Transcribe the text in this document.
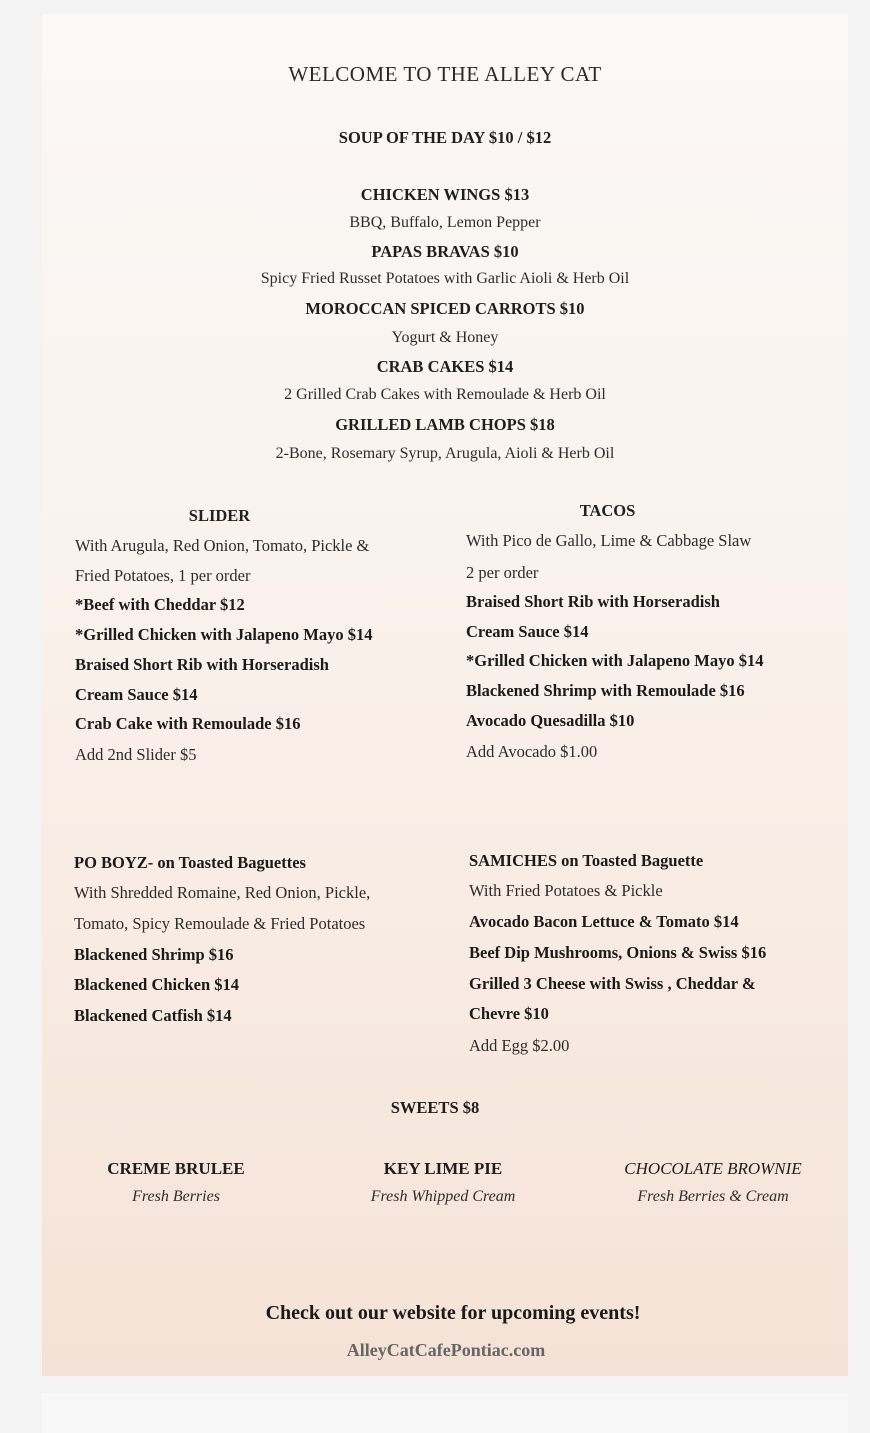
WELCOME TO THE ALLEY CAT
SOUP OF THE DAY $10 / $12
CHICKEN WINGS $13
BBQ, Buffalo, Lemon Pepper
PAPAS BRAVAS $10
Spicy Fried Russet Potatoes with Garlic Aioli & Herb Oil
MOROCCAN SPICED CARROTS $10
Yogurt & Honey
CRAB CAKES $14
2 Grilled Crab Cakes with Remoulade & Herb Oil
GRILLED LAMB CHOPS $18
2-Bone, Rosemary Syrup, Arugula, Aioli & Herb Oil
SLIDER
With Arugula, Red Onion, Tomato, Pickle &
Fried Potatoes, 1 per order
*Beef with Cheddar $12
*Grilled Chicken with Jalapeno Mayo $14
Braised Short Rib with Horseradish
Cream Sauce $14
Crab Cake with Remoulade $16
Add 2nd Slider $5
TACOS
With Pico de Gallo, Lime & Cabbage Slaw
2 per order
Braised Short Rib with Horseradish
Cream Sauce $14
*Grilled Chicken with Jalapeno Mayo $14
Blackened Shrimp with Remoulade $16
Avocado Quesadilla $10
Add Avocado $1.00
PO BOYZ- on Toasted Baguettes
With Shredded Romaine, Red Onion, Pickle,
Tomato, Spicy Remoulade & Fried Potatoes
Blackened Shrimp $16
Blackened Chicken $14
Blackened Catfish $14
SAMICHES on Toasted Baguette
With Fried Potatoes & Pickle
Avocado Bacon Lettuce & Tomato $14
Beef Dip Mushrooms, Onions & Swiss $16
Grilled 3 Cheese with Swiss , Cheddar &
Chevre $10
Add Egg $2.00
SWEETS $8
CREME BRULEE
Fresh Berries
KEY LIME PIE
Fresh Whipped Cream
CHOCOLATE BROWNIE
Fresh Berries & Cream
Check out our website for upcoming events!
AlleyCatCafePontiac.com
